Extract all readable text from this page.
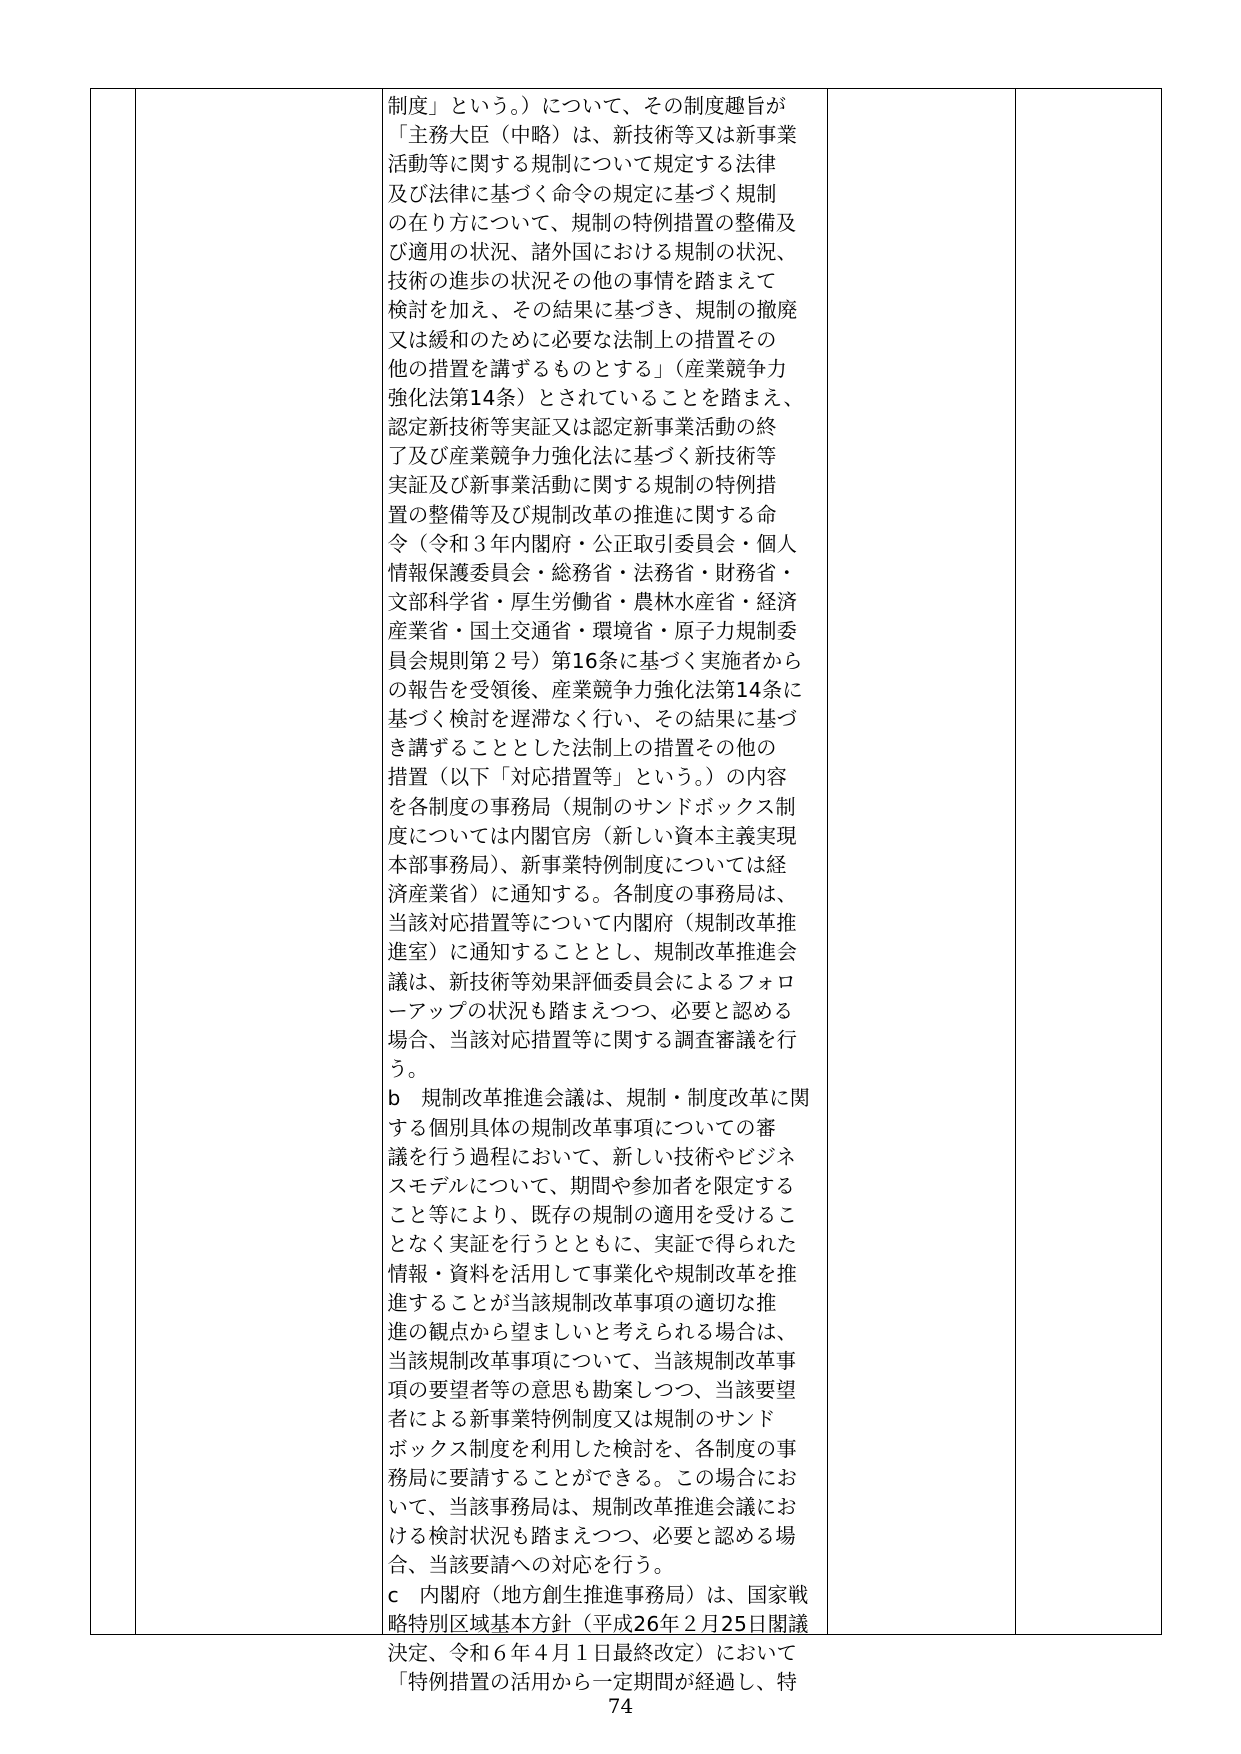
制度」という。）について、その制度趣旨が
「主務大臣（中略）は、新技術等又は新事業
活動等に関する規制について規定する法律
及び法律に基づく命令の規定に基づく規制
の在り方について、規制の特例措置の整備及
び適用の状況、諸外国における規制の状況、
技術の進歩の状況その他の事情を踏まえて
検討を加え、その結果に基づき、規制の撤廃
又は緩和のために必要な法制上の措置その
他の措置を講ずるものとする」（産業競争力
強化法第14条）とされていることを踏まえ、
認定新技術等実証又は認定新事業活動の終
了及び産業競争力強化法に基づく新技術等
実証及び新事業活動に関する規制の特例措
置の整備等及び規制改革の推進に関する命
令（令和３年内閣府・公正取引委員会・個人
情報保護委員会・総務省・法務省・財務省・
文部科学省・厚生労働省・農林水産省・経済
産業省・国土交通省・環境省・原子力規制委
員会規則第２号）第16条に基づく実施者から
の報告を受領後、産業競争力強化法第14条に
基づく検討を遅滞なく行い、その結果に基づ
き講ずることとした法制上の措置その他の
措置（以下「対応措置等」という。）の内容
を各制度の事務局（規制のサンドボックス制
度については内閣官房（新しい資本主義実現
本部事務局）、新事業特例制度については経
済産業省）に通知する。各制度の事務局は、
当該対応措置等について内閣府（規制改革推
進室）に通知することとし、規制改革推進会
議は、新技術等効果評価委員会によるフォロ
ーアップの状況も踏まえつつ、必要と認める
場合、当該対応措置等に関する調査審議を行
う。
b　規制改革推進会議は、規制・制度改革に関
する個別具体の規制改革事項についての審
議を行う過程において、新しい技術やビジネ
スモデルについて、期間や参加者を限定する
こと等により、既存の規制の適用を受けるこ
となく実証を行うとともに、実証で得られた
情報・資料を活用して事業化や規制改革を推
進することが当該規制改革事項の適切な推
進の観点から望ましいと考えられる場合は、
当該規制改革事項について、当該規制改革事
項の要望者等の意思も勘案しつつ、当該要望
者による新事業特例制度又は規制のサンド
ボックス制度を利用した検討を、各制度の事
務局に要請することができる。この場合にお
いて、当該事務局は、規制改革推進会議にお
ける検討状況も踏まえつつ、必要と認める場
合、当該要請への対応を行う。
c　内閣府（地方創生推進事務局）は、国家戦
略特別区域基本方針（平成26年２月25日閣議
決定、令和６年４月１日最終改定）において
「特例措置の活用から一定期間が経過し、特
74
